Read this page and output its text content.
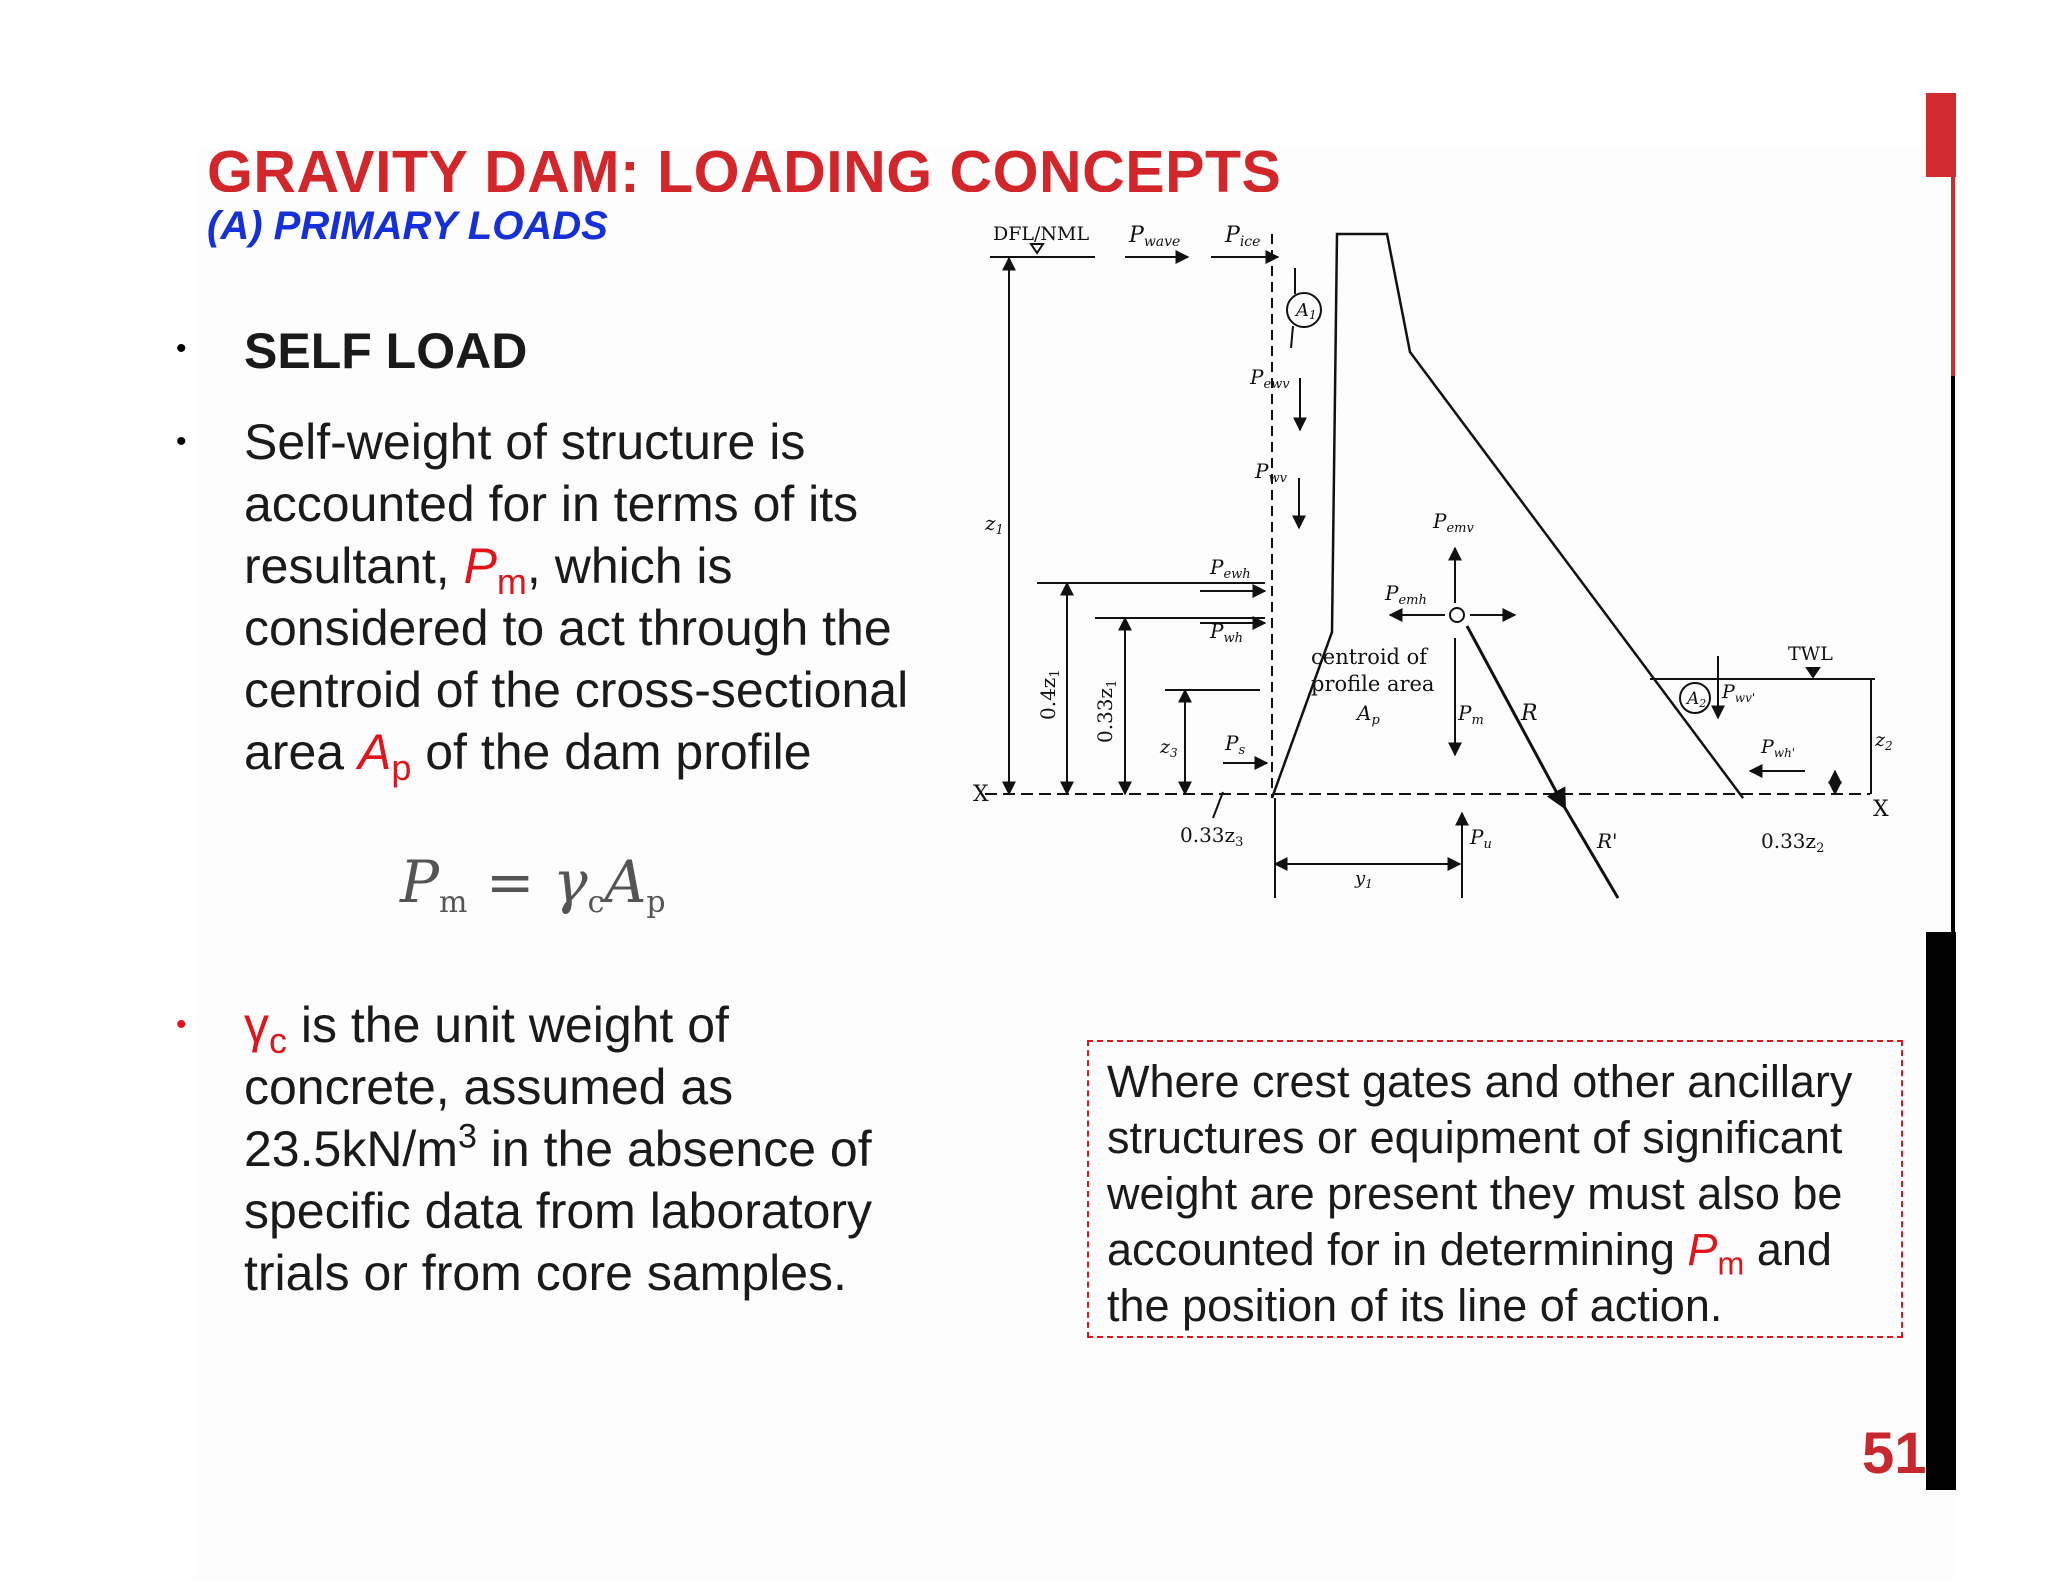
GRAVITY DAM: LOADING CONCEPTS
(A) PRIMARY LOADS
• SELF LOAD
• Self-weight of structure is
accounted for in terms of its
resultant, $P_m$, which is
considered to act through the
centroid of the cross-sectional
area $A_p$ of the dam profile
$P_m = \gamma_cA_p$
• $\gamma_c$ is the unit weight of
concrete, assumed as
$23.5kN/m^3$ in the absence of
specific data from laboratory
trials or from core samples.
Where crest gates and other ancillary
structures or equipment of significant
weight are present they must also be
accounted for in determining $P_m$ and
the position of its line of action.
51
DFL/NML Pwave Pice
A1
$P_{ewv}$
$P_{wv}$
$z_1$	$P_{emv}$
$P_{ewh}$
$P_{emh}$
$P_{wh}$
centroid of
profile area
$A_p$	$P_m$ R
TWL
A2
$P_{wv'}$
$P_{wh'}$
$z_2$
$0.4z_1$
$0.33z_1$
$z_3$ $P_s$
X
X
$0.33z_3$	$P_u$	R'	$0.33z_2$
$y_1$
